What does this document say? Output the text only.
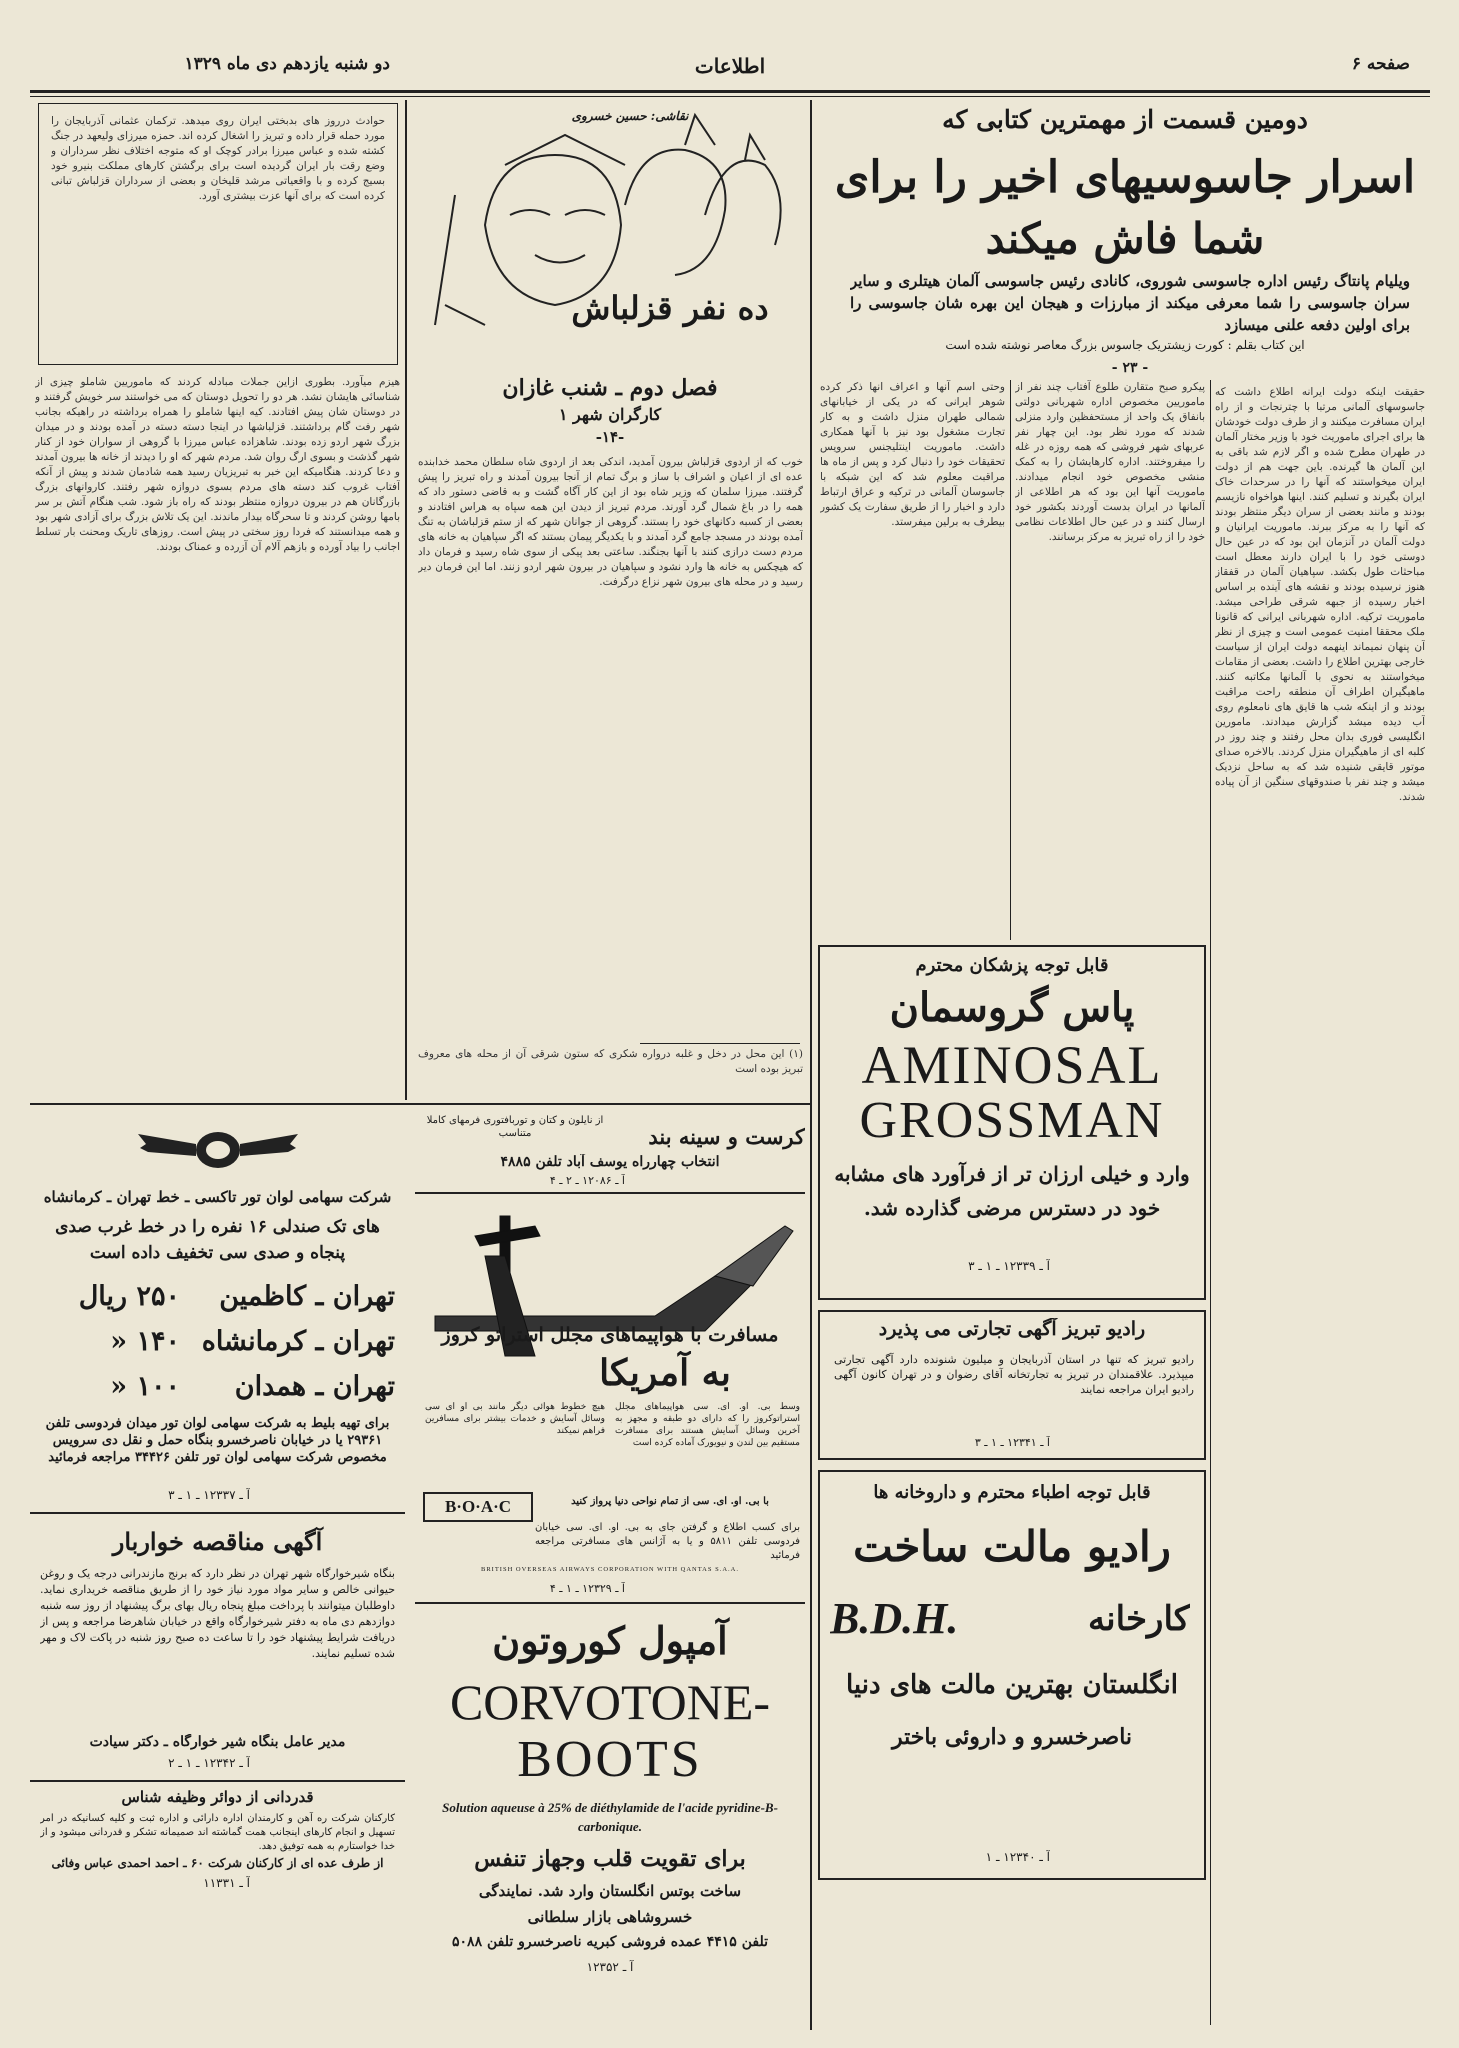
دو شنبه یازدهم دی ماه ۱۳۲۹	اطلاعات	صفحه ۶
دومین قسمت از مهمترین کتابی که
اسرار جاسوسیهای اخیر را برای
شما فاش میکند
ویلیام پانتاگ رئیس اداره جاسوسی شوروی، کانادی رئیس جاسوسی آلمان هیتلری و سایر سران جاسوسی را شما معرفی میکند از مبارزات و هیجان این بهره شان جاسوسی را برای اولین دفعه علنی میسازد
این کتاب بقلم : کورت زیشتریک جاسوس بزرگ معاصر نوشته شده است
- ۲۳ -
حقیقت اینکه دولت ایرانه اطلاع داشت که جاسوسهای آلمانی مرتبا با چترنجات و از راه ایران مسافرت میکنند و از طرف دولت خودشان ها برای اجرای ماموریت خود با وزیر مختار آلمان در طهران مطرح شده و اگر لازم شد باقی به این آلمان ها گیرنده. باین جهت هم از دولت ایران میخواستند که آنها را در سرحدات خاک ایران بگیرند و تسلیم کنند. اینها هواخواه نازیسم بودند و مانند بعضی از سران دیگر منتظر بودند که آنها را به مرکز ببرند. ماموریت ایرانیان و دولت آلمان در آنزمان این بود که در عین حال دوستی خود را با ایران دارند معطل است مباحثات طول بکشد. سپاهیان آلمان در قفقاز هنوز نرسیده بودند و نقشه های آینده بر اساس اخبار رسیده از جبهه شرقی طراحی میشد. ماموریت ترکیه. اداره شهربانی ایرانی که قانونا ملک محققا امنیت عمومی است و چیزی از نظر آن پنهان نمیماند اینهمه دولت ایران از سیاست خارجی بهترین اطلاع را داشت. بعضی از مقامات میخواستند به نحوی با آلمانها مکاتبه کنند. ماهیگیران اطراف آن منطقه راحت مراقبت بودند و از اینکه شب ها قایق های نامعلوم روی آب دیده میشد گزارش میدادند. مامورین انگلیسی فوری بدان محل رفتند و چند روز در کلبه ای از ماهیگیران منزل کردند. بالاخره صدای موتور قایقی شنیده شد که به ساحل نزدیک میشد و چند نفر با صندوقهای سنگین از آن پیاده شدند.
پیکرو صبح متقارن طلوع آفتاب چند نفر از ماموریین مخصوص اداره شهربانی دولتی بانفاق یک واحد از مستحفظین وارد منزلی شدند که مورد نظر بود. این چهار نفر عربهای شهر فروشی که همه روزه در غله را میفروختند. اداره کارهایشان را به کمک منشی مخصوص خود انجام میدادند. ماموریت آنها این بود که هر اطلاعی از آلمانها در ایران بدست آوردند بکشور خود ارسال کنند و در عین حال اطلاعات نظامی خود را از راه تبریز به مرکز برسانند.
وحتی اسم آنها و اعراف انها ذکر کرده شوهر ایرانی که در یکی از خیابانهای شمالی طهران منزل داشت و به کار تجارت مشغول بود نیز با آنها همکاری داشت. ماموریت اینتلیجنس سرویس تحقیقات خود را دنبال کرد و پس از ماه ها مراقبت معلوم شد که این شبکه با جاسوسان آلمانی در ترکیه و عراق ارتباط دارد و اخبار را از طریق سفارت یک کشور بیطرف به برلین میفرستد.
قابل توجه پزشکان محترم
پاس گروسمان
AMINOSAL
GROSSMAN
وارد و خیلی ارزان تر از فرآورد های مشابه خود در دسترس مرضی گذارده شد.
آ ـ ۱۲۳۳۹ ـ ۱ ـ ۳
رادیو تبریز آگهی تجارتی می پذیرد
رادیو تبریز که تنها در استان آذربایجان و میلیون شنونده دارد آگهی تجارتی میپذیرد. علاقمندان در تبریز به تجارتخانه آقای رضوان و در تهران کانون آگهی رادیو ایران مراجعه نمایند
آ ـ ۱۲۳۴۱ ـ ۱ ـ ۳
قابل توجه اطباء محترم و داروخانه ها
رادیو مالت ساخت
کارخانه
B.D.H.
انگلستان بهترین مالت های دنیا
ناصرخسرو و داروئی باختر
آ ـ ۱۲۳۴۰ ـ ۱
نقاشی: حسین خسروی
ده نفر قزلباش
فصل دوم ـ شنب غازان
کارگران شهر ۱
-۱۴-
خوب که از اردوی قزلباش بیرون آمدید، اندکی بعد از اردوی شاه سلطان محمد خدابنده عده ای از اعیان و اشراف با ساز و برگ تمام از آنجا بیرون آمدند و راه تبریز را پیش گرفتند. میرزا سلمان که وزیر شاه بود از این کار آگاه گشت و به قاضی دستور داد که همه را در باغ شمال گرد آورند. مردم تبریز از دیدن این همه سپاه به هراس افتادند و بعضی از کسبه دکانهای خود را بستند. گروهی از جوانان شهر که از ستم قزلباشان به تنگ آمده بودند در مسجد جامع گرد آمدند و با یکدیگر پیمان بستند که اگر سپاهیان به خانه های مردم دست درازی کنند با آنها بجنگند. ساعتی بعد پیکی از سوی شاه رسید و فرمان داد که هیچکس به خانه ها وارد نشود و سپاهیان در بیرون شهر اردو زنند. اما این فرمان دیر رسید و در محله های بیرون شهر نزاع درگرفت.
(۱) این محل در دخل و غلبه درواره شکری که ستون شرقی آن از محله های معروف تبریز بوده است
حوادث درروز های بدبختی ایران روی میدهد. ترکمان عثمانی آذربایجان را مورد حمله قرار داده و تبریز را اشغال کرده اند. حمزه میرزای ولیعهد در جنگ کشته شده و عباس میرزا برادر کوچک او که متوجه اختلاف نظر سرداران و وضع رقت بار ایران گردیده است برای برگشتن کارهای مملکت بنیرو خود بسیج کرده و با واقعیاتی مرشد قلیخان و بعضی از سرداران قزلباش تبانی کرده است که برای آنها عزت بیشتری آورد.
هیزم میآورد. بطوری ازاین جملات مبادله کردند که ماموریین شاملو چیزی از شناسائی هایشان نشد. هر دو را تحویل دوستان که می خواستند سر خویش گرفتند و در دوستان شان پیش افتادند. کیه اینها شاملو را همراه برداشته در راهیکه بجانب شهر رفت گام برداشتند. قزلباشها در اینجا دسته دسته در آمده بودند و در میدان بزرگ شهر اردو زده بودند. شاهزاده عباس میرزا با گروهی از سواران خود از کنار شهر گذشت و بسوی ارگ روان شد. مردم شهر که او را دیدند از خانه ها بیرون آمدند و دعا کردند. هنگامیکه این خبر به تبریزیان رسید همه شادمان شدند و پیش از آنکه آفتاب غروب کند دسته های مردم بسوی دروازه شهر رفتند. کاروانهای بزرگ بازرگانان هم در بیرون دروازه منتظر بودند که راه باز شود. شب هنگام آتش بر سر بامها روشن کردند و تا سحرگاه بیدار ماندند. این یک تلاش بزرگ برای آزادی شهر بود و همه میدانستند که فردا روز سختی در پیش است. روزهای تاریک ومحنت بار تسلط اجانب را بیاد آورده و بازهم آلام آن آزرده و عمناک بودند.
کرست و سینه بند
از نایلون و کتان و توربافتوری فرمهای کاملا متناسب
انتخاب چهارراه یوسف آباد تلفن ۴۸۸۵
آ ـ ۱۲۰۸۶ ـ ۲ ـ ۴
مسافرت با هواپیماهای مجلل استراتو کروز
به آمریکا
وسط بی. او. ای. سی هواپیماهای مجلل استراتوکروز را که دارای دو طبقه و مجهز به آخرین وسائل آسایش هستند برای مسافرت مستقیم بین لندن و نیویورک آماده کرده است
هیچ خطوط هوائی دیگر مانند بی او ای سی وسائل آسایش و خدمات بیشتر برای مسافرین فراهم نمیکند
با بی. او. ای. سی از تمام نواحی دنیا پرواز کنید
B·O·A·C
برای کسب اطلاع و گرفتن جای به بی. او. ای. سی خیابان فردوسی تلفن ۵۸۱۱ و یا به آژانس های مسافرتی مراجعه فرمائید
BRITISH OVERSEAS AIRWAYS CORPORATION WITH QANTAS S.A.A.
آ ـ ۱۲۳۲۹ ـ ۱ ـ ۴
آمپول کوروتون
CORVOTONE-
BOOTS
Solution aqueuse à 25% de diéthylamide de l'acide pyridine-B- carbonique.
برای تقویت قلب وجهاز تنفس
ساخت بوتس انگلستان وارد شد. نمایندگی
خسروشاهی بازار سلطانی
تلفن ۴۴۱۵ عمده فروشی کبریه ناصرخسرو تلفن ۵۰۸۸
آ ـ ۱۲۳۵۲
شرکت سهامی لوان تور تاکسی ـ خط تهران ـ کرمانشاه
های تک صندلی ۱۶ نفره را در خط غرب صدی پنجاه و صدی سی تخفیف داده است
تهران ـ کاظمین
۲۵۰ ریال
تهران ـ کرمانشاه
۱۴۰ «
تهران ـ همدان
۱۰۰ «
برای تهیه بلیط به شرکت سهامی لوان تور میدان فردوسی تلفن ۲۹۳۶۱ یا در خیابان ناصرخسرو بنگاه حمل و نقل دی سرویس مخصوص شرکت سهامی لوان تور تلفن ۳۴۴۲۶ مراجعه فرمائید
آ ـ ۱۲۳۳۷ ـ ۱ ـ ۳
آگهی مناقصه خواربار
بنگاه شیرخوارگاه شهر تهران در نظر دارد که برنج مازندرانی درجه یک و روغن حیوانی خالص و سایر مواد مورد نیاز خود را از طریق مناقصه خریداری نماید. داوطلبان میتوانند با پرداخت مبلغ پنجاه ریال بهای برگ پیشنهاد از روز سه شنبه دوازدهم دی ماه به دفتر شیرخوارگاه واقع در خیابان شاهرضا مراجعه و پس از دریافت شرایط پیشنهاد خود را تا ساعت ده صبح روز شنبه در پاکت لاک و مهر شده تسلیم نمایند.
مدیر عامل بنگاه شیر خوارگاه ـ دکتر سیادت
آ ـ ۱۲۳۴۲ ـ ۱ ـ ۲
قدردانی از دوائر وظیفه شناس
کارکنان شرکت ره آهن و کارمندان اداره دارائی و اداره ثبت و کلیه کسانیکه در امر تسهیل و انجام کارهای اینجانب همت گماشته اند صمیمانه تشکر و قدردانی میشود و از خدا خواستارم به همه توفیق دهد.
از طرف عده ای از کارکنان شرکت ۶۰ ـ احمد احمدی عباس وفائی
آ ـ ۱۱۳۳۱
